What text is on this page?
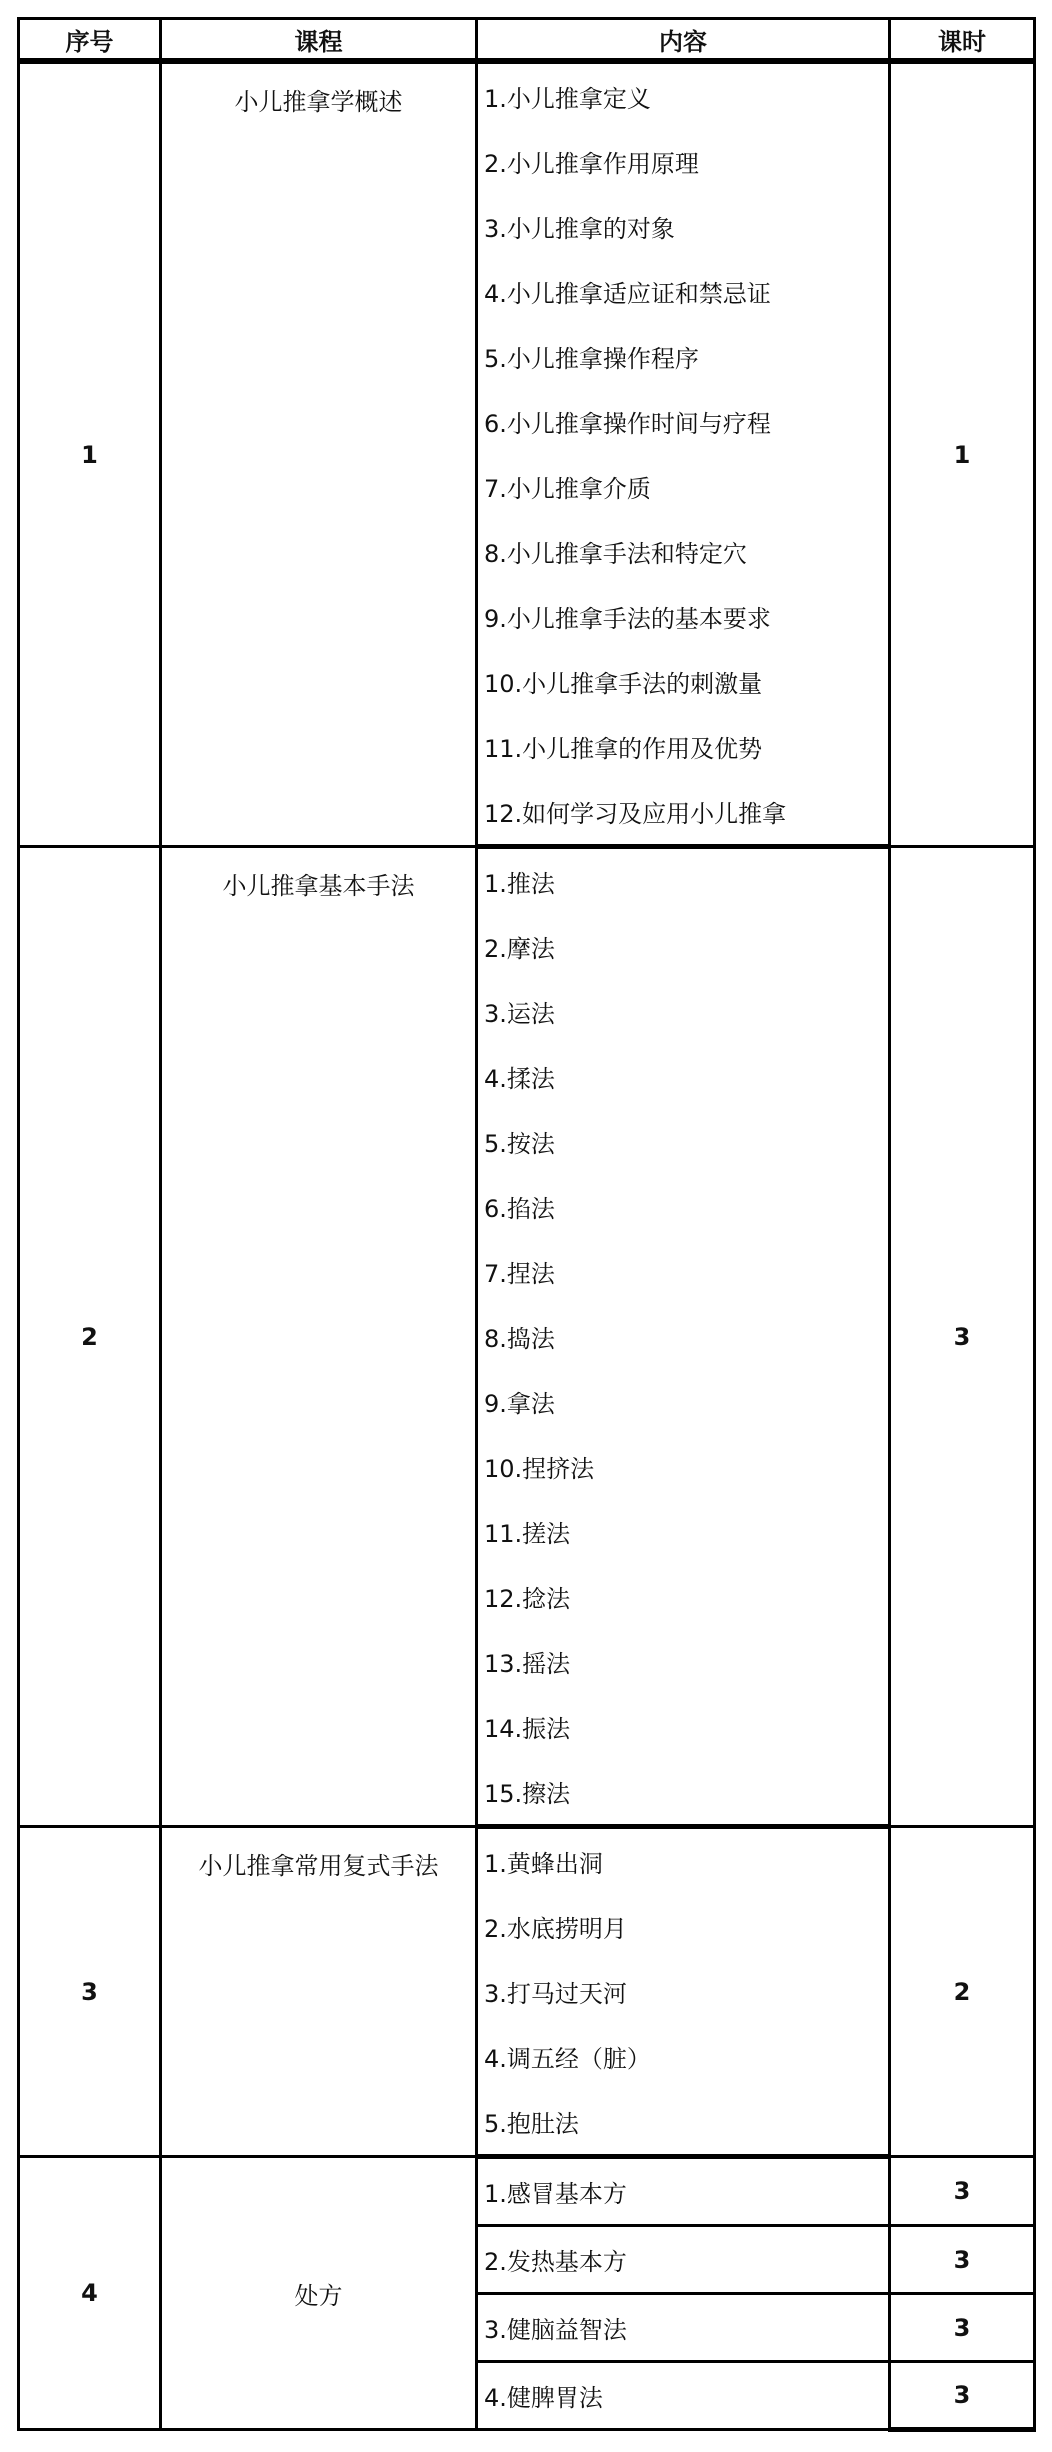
序号	课程	内容	课时
1	小儿推拿学概述	1.小儿推拿定义	1
		2.小儿推拿作用原理	
		3.小儿推拿的对象	
		4.小儿推拿适应证和禁忌证	
		5.小儿推拿操作程序	
		6.小儿推拿操作时间与疗程	
		7.小儿推拿介质	
		8.小儿推拿手法和特定穴	
		9.小儿推拿手法的基本要求	
		10.小儿推拿手法的刺激量	
		11.小儿推拿的作用及优势	
		12.如何学习及应用小儿推拿	
2	小儿推拿基本手法	1.推法	3
		2.摩法	
		3.运法	
		4.揉法	
		5.按法	
		6.掐法	
		7.捏法	
		8.捣法	
		9.拿法	
		10.捏挤法	
		11.搓法	
		12.捻法	
		13.摇法	
		14.振法	
		15.擦法	
3	小儿推拿常用复式手法	1.黄蜂出洞	2
		2.水底捞明月	
		3.打马过天河	
		4.调五经（脏）	
		5.抱肚法	
4	处方	1.感冒基本方	3
		2.发热基本方	3
		3.健脑益智法	3
		4.健脾胃法	3
